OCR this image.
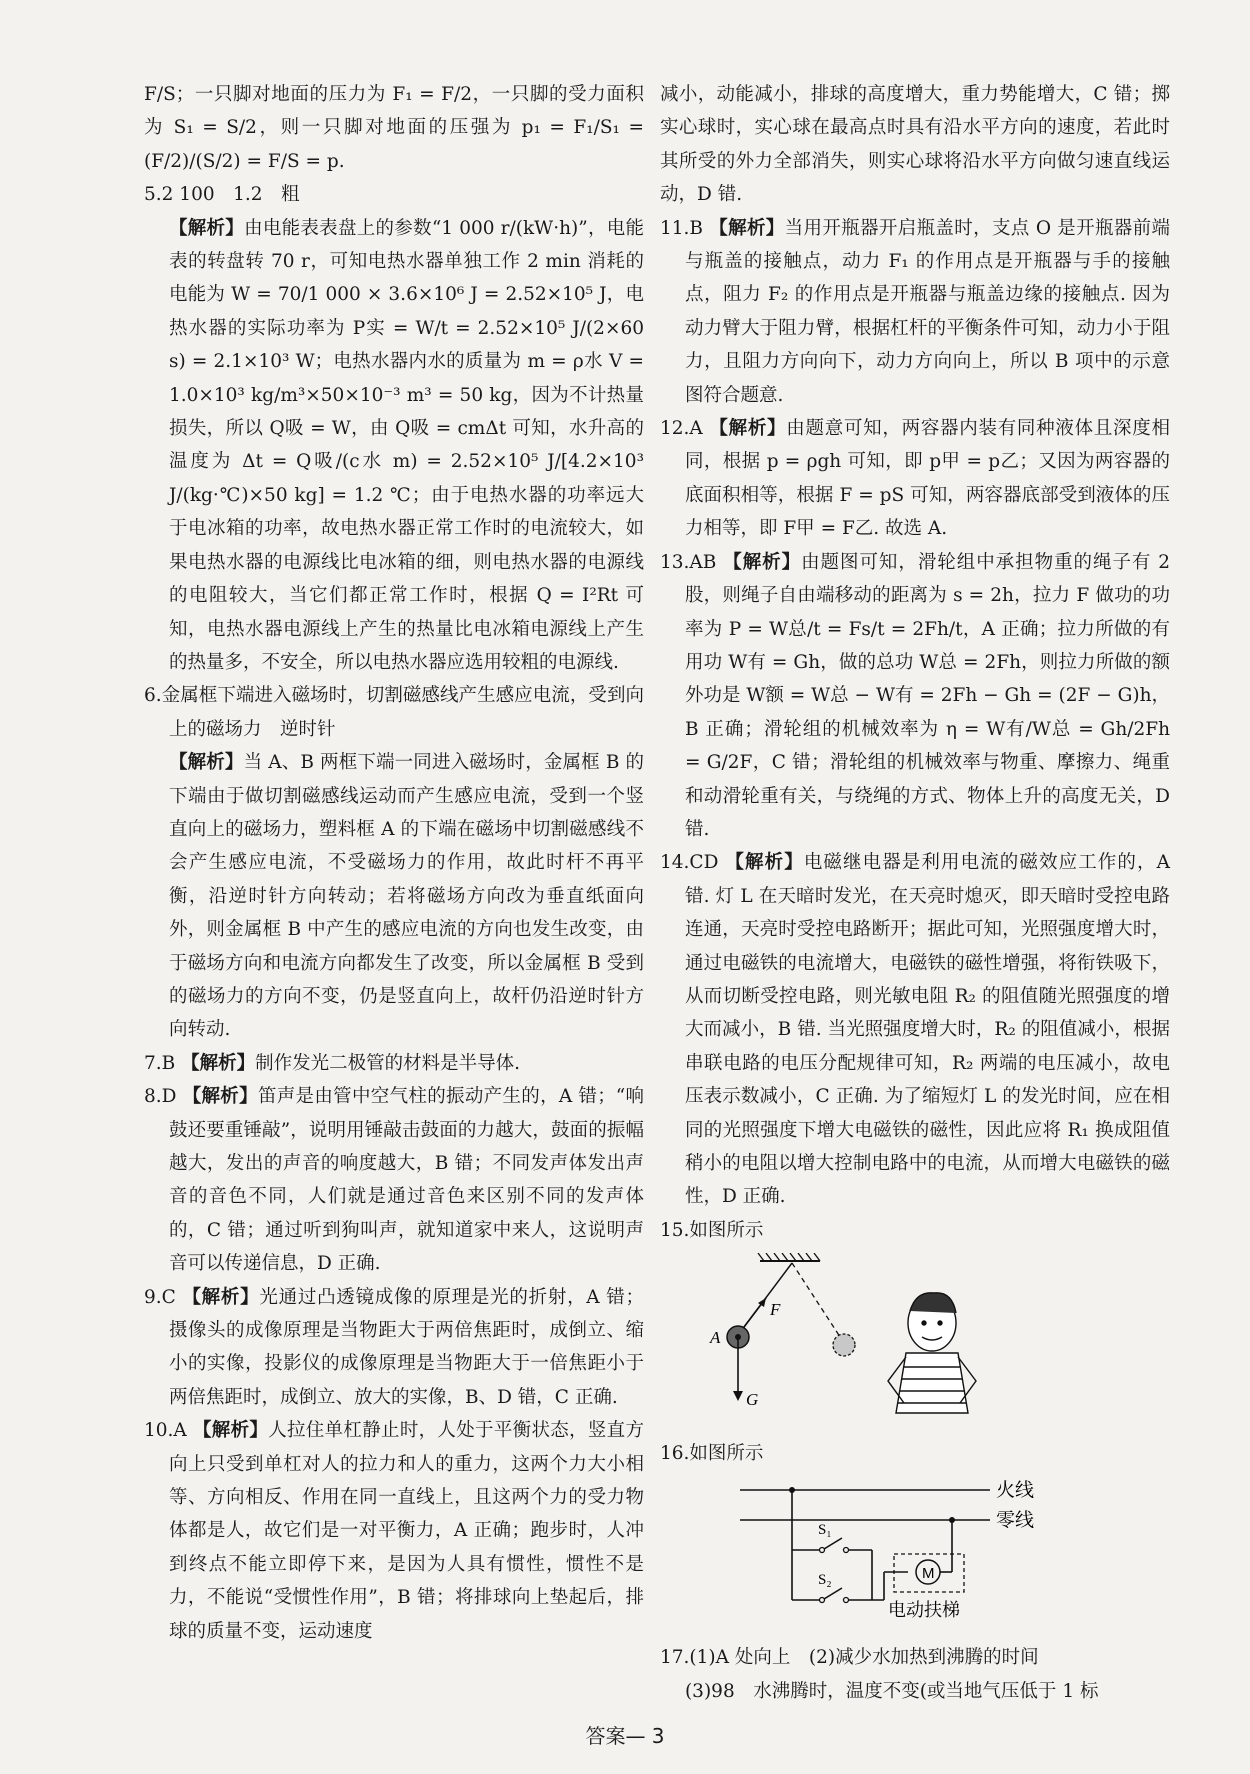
F/S；一只脚对地面的压力为 F₁ = F/2，一只脚的受力面积为 S₁ = S/2，则一只脚对地面的压强为 p₁ = F₁/S₁ = (F/2)/(S/2) = F/S = p.

5.2 100　1.2　粗

【解析】由电能表表盘上的参数“1 000 r/(kW·h)”，电能表的转盘转 70 r，可知电热水器单独工作 2 min 消耗的电能为 W = 70/1 000 × 3.6×10⁶ J = 2.52×10⁵ J，电热水器的实际功率为 P实 = W/t = 2.52×10⁵ J/(2×60 s) = 2.1×10³ W；电热水器内水的质量为 m = ρ水 V = 1.0×10³ kg/m³×50×10⁻³ m³ = 50 kg，因为不计热量损失，所以 Q吸 = W，由 Q吸 = cmΔt 可知，水升高的温度为 Δt = Q吸/(c水 m) = 2.52×10⁵ J/[4.2×10³ J/(kg·℃)×50 kg] = 1.2 ℃；由于电热水器的功率远大于电冰箱的功率，故电热水器正常工作时的电流较大，如果电热水器的电源线比电冰箱的细，则电热水器的电源线的电阻较大，当它们都正常工作时，根据 Q = I²Rt 可知，电热水器电源线上产生的热量比电冰箱电源线上产生的热量多，不安全，所以电热水器应选用较粗的电源线.

6.金属框下端进入磁场时，切割磁感线产生感应电流，受到向上的磁场力　逆时针

【解析】当 A、B 两框下端一同进入磁场时，金属框 B 的下端由于做切割磁感线运动而产生感应电流，受到一个竖直向上的磁场力，塑料框 A 的下端在磁场中切割磁感线不会产生感应电流，不受磁场力的作用，故此时杆不再平衡，沿逆时针方向转动；若将磁场方向改为垂直纸面向外，则金属框 B 中产生的感应电流的方向也发生改变，由于磁场方向和电流方向都发生了改变，所以金属框 B 受到的磁场力的方向不变，仍是竖直向上，故杆仍沿逆时针方向转动.

7.B 【解析】制作发光二极管的材料是半导体.

8.D 【解析】笛声是由管中空气柱的振动产生的，A 错；“响鼓还要重锤敲”，说明用锤敲击鼓面的力越大，鼓面的振幅越大，发出的声音的响度越大，B 错；不同发声体发出声音的音色不同，人们就是通过音色来区别不同的发声体的，C 错；通过听到狗叫声，就知道家中来人，这说明声音可以传递信息，D 正确.

9.C 【解析】光通过凸透镜成像的原理是光的折射，A 错；摄像头的成像原理是当物距大于两倍焦距时，成倒立、缩小的实像，投影仪的成像原理是当物距大于一倍焦距小于两倍焦距时，成倒立、放大的实像，B、D 错，C 正确.

10.A 【解析】人拉住单杠静止时，人处于平衡状态，竖直方向上只受到单杠对人的拉力和人的重力，这两个力大小相等、方向相反、作用在同一直线上，且这两个力的受力物体都是人，故它们是一对平衡力，A 正确；跑步时，人冲到终点不能立即停下来，是因为人具有惯性，惯性不是力，不能说“受惯性作用”，B 错；将排球向上垫起后，排球的质量不变，运动速度

减小，动能减小，排球的高度增大，重力势能增大，C 错；掷实心球时，实心球在最高点时具有沿水平方向的速度，若此时其所受的外力全部消失，则实心球将沿水平方向做匀速直线运动，D 错.

11.B 【解析】当用开瓶器开启瓶盖时，支点 O 是开瓶器前端与瓶盖的接触点，动力 F₁ 的作用点是开瓶器与手的接触点，阻力 F₂ 的作用点是开瓶器与瓶盖边缘的接触点. 因为动力臂大于阻力臂，根据杠杆的平衡条件可知，动力小于阻力，且阻力方向向下，动力方向向上，所以 B 项中的示意图符合题意.

12.A 【解析】由题意可知，两容器内装有同种液体且深度相同，根据 p = ρgh 可知，即 p甲 = p乙；又因为两容器的底面积相等，根据 F = pS 可知，两容器底部受到液体的压力相等，即 F甲 = F乙. 故选 A.

13.AB 【解析】由题图可知，滑轮组中承担物重的绳子有 2 股，则绳子自由端移动的距离为 s = 2h，拉力 F 做功的功率为 P = W总/t = Fs/t = 2Fh/t，A 正确；拉力所做的有用功 W有 = Gh，做的总功 W总 = 2Fh，则拉力所做的额外功是 W额 = W总 − W有 = 2Fh − Gh = (2F − G)h，B 正确；滑轮组的机械效率为 η = W有/W总 = Gh/2Fh = G/2F，C 错；滑轮组的机械效率与物重、摩擦力、绳重和动滑轮重有关，与绕绳的方式、物体上升的高度无关，D 错.

14.CD 【解析】电磁继电器是利用电流的磁效应工作的，A 错. 灯 L 在天暗时发光，在天亮时熄灭，即天暗时受控电路连通，天亮时受控电路断开；据此可知，光照强度增大时，通过电磁铁的电流增大，电磁铁的磁性增强，将衔铁吸下，从而切断受控电路，则光敏电阻 R₂ 的阻值随光照强度的增大而减小，B 错. 当光照强度增大时，R₂ 的阻值减小，根据串联电路的电压分配规律可知，R₂ 两端的电压减小，故电压表示数减小，C 正确. 为了缩短灯 L 的发光时间，应在相同的光照强度下增大电磁铁的磁性，因此应将 R₁ 换成阻值稍小的电阻以增大控制电路中的电流，从而增大电磁铁的磁性，D 正确.

15.如图所示

F
A
G

16.如图所示

火线
零线
S₁
S₂	M
电动扶梯

17.(1)A 处向上　(2)减少水加热到沸腾的时间

(3)98　水沸腾时，温度不变(或当地气压低于 1 标

答案— 3
